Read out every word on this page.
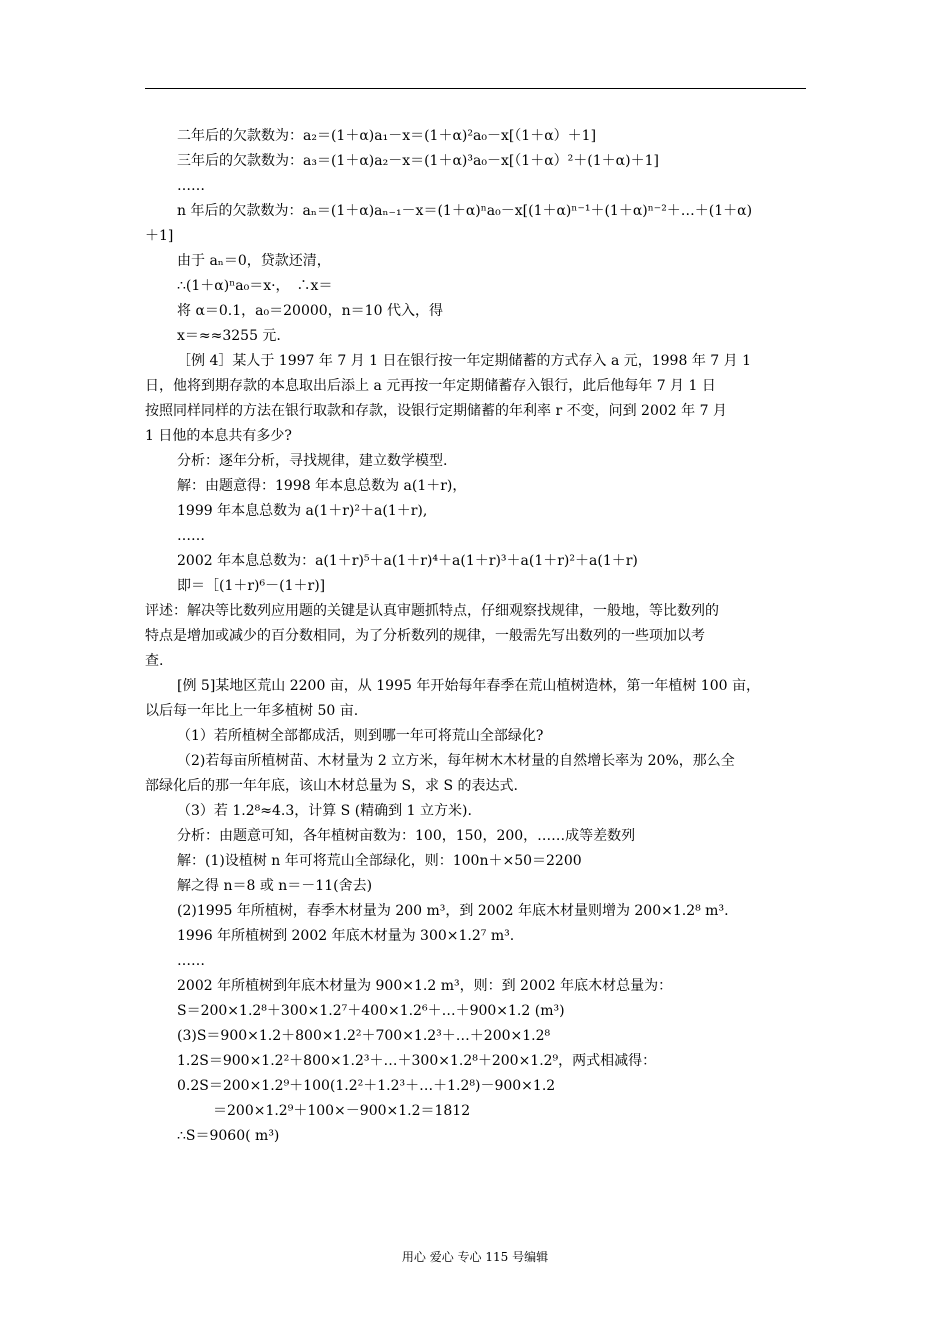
二年后的欠款数为：a₂＝(1＋α)a₁－x＝(1＋α)²a₀－x[（1＋α）＋1]
三年后的欠款数为：a₃＝(1＋α)a₂－x＝(1＋α)³a₀－x[（1＋α）²＋(1＋α)＋1]
……
n 年后的欠款数为：aₙ＝(1＋α)aₙ₋₁－x＝(1＋α)ⁿa₀－x[(1＋α)ⁿ⁻¹＋(1＋α)ⁿ⁻²＋…＋(1＋α)
＋1]
由于 aₙ＝0，贷款还清，
∴(1＋α)ⁿa₀＝x·，　∴x＝
将 α＝0.1，a₀＝20000，n＝10 代入，得
x＝≈≈3255 元.
［例 4］某人于 1997 年 7 月 1 日在银行按一年定期储蓄的方式存入 a 元，1998 年 7 月 1
日，他将到期存款的本息取出后添上 a 元再按一年定期储蓄存入银行，此后他每年 7 月 1 日
按照同样同样的方法在银行取款和存款，设银行定期储蓄的年利率 r 不变，问到 2002 年 7 月
1 日他的本息共有多少?
分析：逐年分析，寻找规律，建立数学模型.
解：由题意得：1998 年本息总数为 a(1＋r)，
1999 年本息总数为 a(1＋r)²＋a(1＋r),
……
2002 年本息总数为：a(1＋r)⁵＋a(1＋r)⁴＋a(1＋r)³＋a(1＋r)²＋a(1＋r)
即＝［(1＋r)⁶－(1＋r)]
评述：解决等比数列应用题的关键是认真审题抓特点，仔细观察找规律，一般地，等比数列的
特点是增加或减少的百分数相同，为了分析数列的规律，一般需先写出数列的一些项加以考
查.
[例 5]某地区荒山 2200 亩，从 1995 年开始每年春季在荒山植树造林，第一年植树 100 亩，
以后每一年比上一年多植树 50 亩.
（1）若所植树全部都成活，则到哪一年可将荒山全部绿化?
（2)若每亩所植树苗、木材量为 2 立方米，每年树木木材量的自然增长率为 20%，那么全
部绿化后的那一年年底，该山木材总量为 S，求 S 的表达式.
（3）若 1.2⁸≈4.3，计算 S (精确到 1 立方米).
分析：由题意可知，各年植树亩数为：100，150，200，……成等差数列
解：(1)设植树 n 年可将荒山全部绿化，则：100n＋×50＝2200
解之得 n＝8 或 n＝－11(舍去)
(2)1995 年所植树，春季木材量为 200 m³，到 2002 年底木材量则增为 200×1.2⁸ m³.
1996 年所植树到 2002 年底木材量为 300×1.2⁷ m³.
……
2002 年所植树到年底木材量为 900×1.2 m³，则：到 2002 年底木材总量为：
S＝200×1.2⁸＋300×1.2⁷＋400×1.2⁶＋…＋900×1.2 (m³)
(3)S＝900×1.2＋800×1.2²＋700×1.2³＋…＋200×1.2⁸
1.2S＝900×1.2²＋800×1.2³＋…＋300×1.2⁸＋200×1.2⁹，两式相减得：
0.2S＝200×1.2⁹＋100(1.2²＋1.2³＋…＋1.2⁸)－900×1.2
＝200×1.2⁹＋100×－900×1.2＝1812
∴S＝9060( m³)
用心 爱心 专心 115 号编辑
